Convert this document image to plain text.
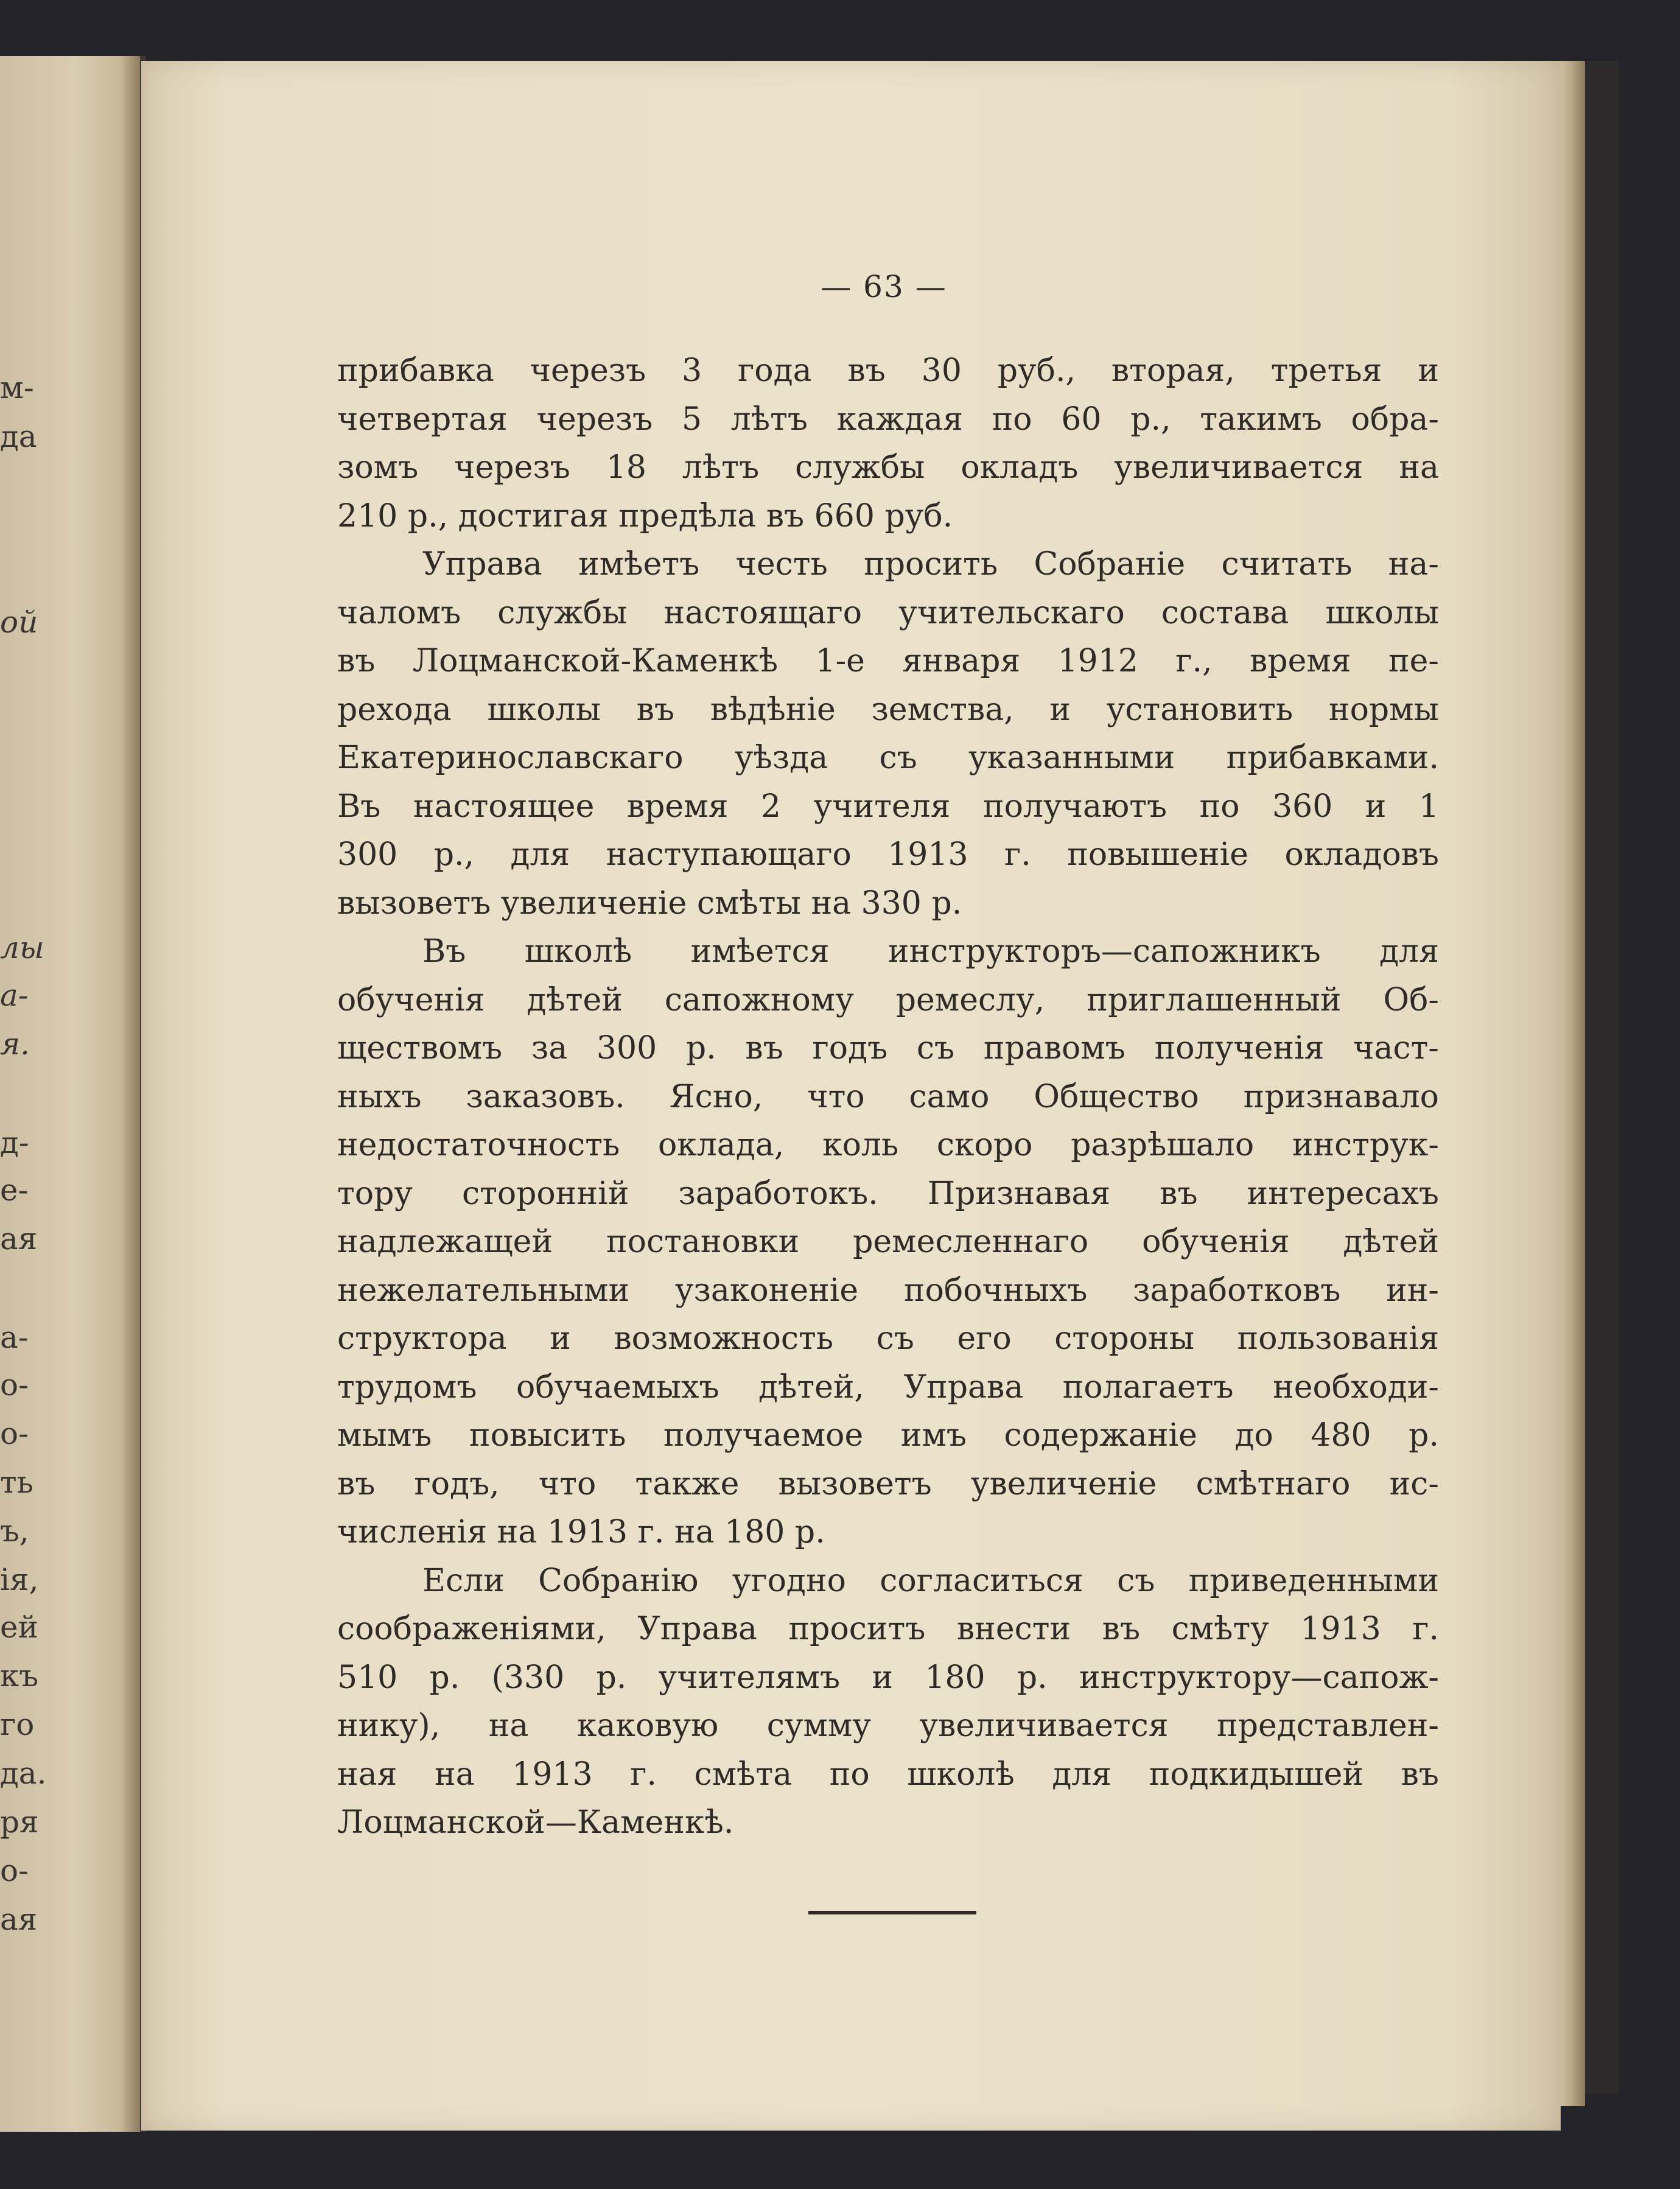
м-
да
ой
лы
а-
я.
д-
е-
ая
а-
о-
о-
ть
ъ,
ія,
ей
къ
го
да.
ря
о-
ая
— 63 —
прибавка черезъ 3 года въ 30 руб., вторая, третья и
четвертая черезъ 5 лѣтъ каждая по 60 р., такимъ обра-
зомъ черезъ 18 лѣтъ службы окладъ увеличивается на
210 р., достигая предѣла въ 660 руб.
Управа имѣетъ честь просить Собраніе считать на-
чаломъ службы настоящаго учительскаго состава школы
въ Лоцманской-Каменкѣ 1-е января 1912 г., время пе-
рехода школы въ вѣдѣніе земства, и установить нормы
Екатеринославскаго уѣзда съ указанными прибавками.
Въ настоящее время 2 учителя получаютъ по 360 и 1
300 р., для наступающаго 1913 г. повышеніе окладовъ
вызоветъ увеличеніе смѣты на 330 р.
Въ школѣ имѣется инструкторъ—сапожникъ для
обученія дѣтей сапожному ремеслу, приглашенный Об-
ществомъ за 300 р. въ годъ съ правомъ полученія част-
ныхъ заказовъ. Ясно, что само Общество признавало
недостаточность оклада, коль скоро разрѣшало инструк-
тору сторонній заработокъ. Признавая въ интересахъ
надлежащей постановки ремесленнаго обученія дѣтей
нежелательными узаконеніе побочныхъ заработковъ ин-
структора и возможность съ его стороны пользованія
трудомъ обучаемыхъ дѣтей, Управа полагаетъ необходи-
мымъ повысить получаемое имъ содержаніе до 480 р.
въ годъ, что также вызоветъ увеличеніе смѣтнаго ис-
численія на 1913 г. на 180 р.
Если Собранію угодно согласиться съ приведенными
соображеніями, Управа проситъ внести въ смѣту 1913 г.
510 р. (330 р. учителямъ и 180 р. инструктору—сапож-
нику), на каковую сумму увеличивается представлен-
ная на 1913 г. смѣта по школѣ для подкидышей въ
Лоцманской—Каменкѣ.
